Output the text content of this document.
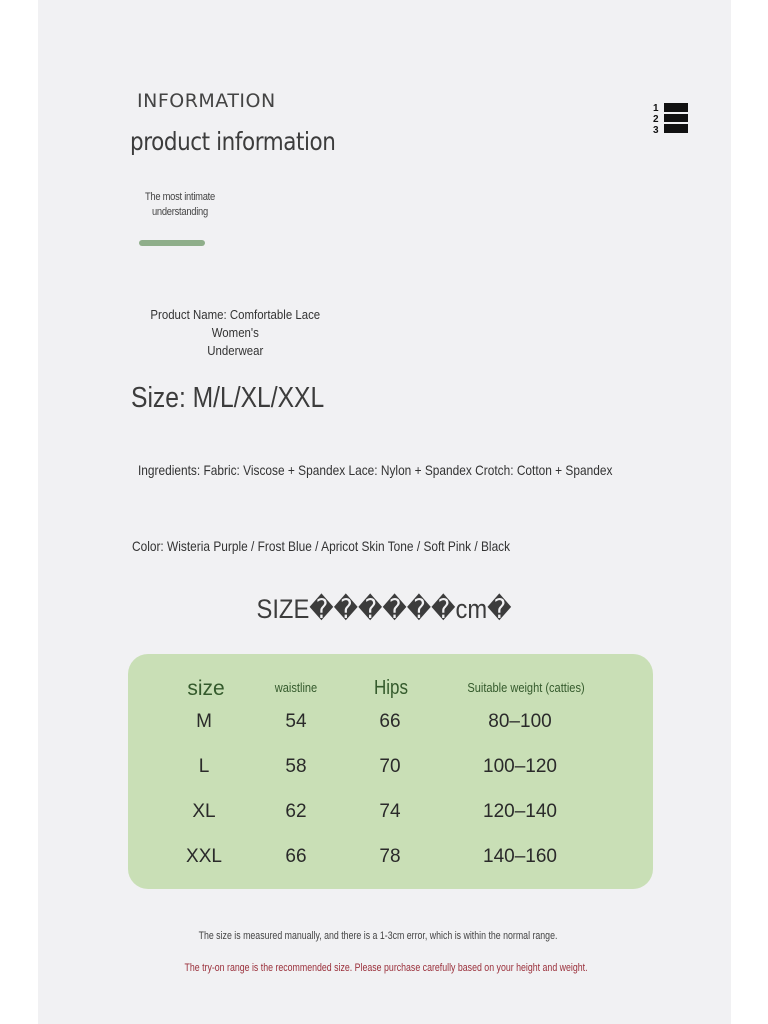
INFORMATION
product information
The most intimate
understanding
1
2
3
Product Name: Comfortable Lace Women's
Underwear
Size: M/L/XL/XXL
Ingredients: Fabric: Viscose + Spandex Lace: Nylon + Spandex Crotch: Cotton + Spandex
Color: Wisteria Purple / Frost Blue / Apricot Skin Tone / Soft Pink / Black
SIZE������cm�
size	waistline	Hips	Suitable weight (catties)
M	54	66	80–100
L	58	70	100–120
XL	62	74	120–140
XXL	66	78	140–160
The size is measured manually, and there is a 1-3cm error, which is within the normal range.
The try-on range is the recommended size. Please purchase carefully based on your height and weight.
